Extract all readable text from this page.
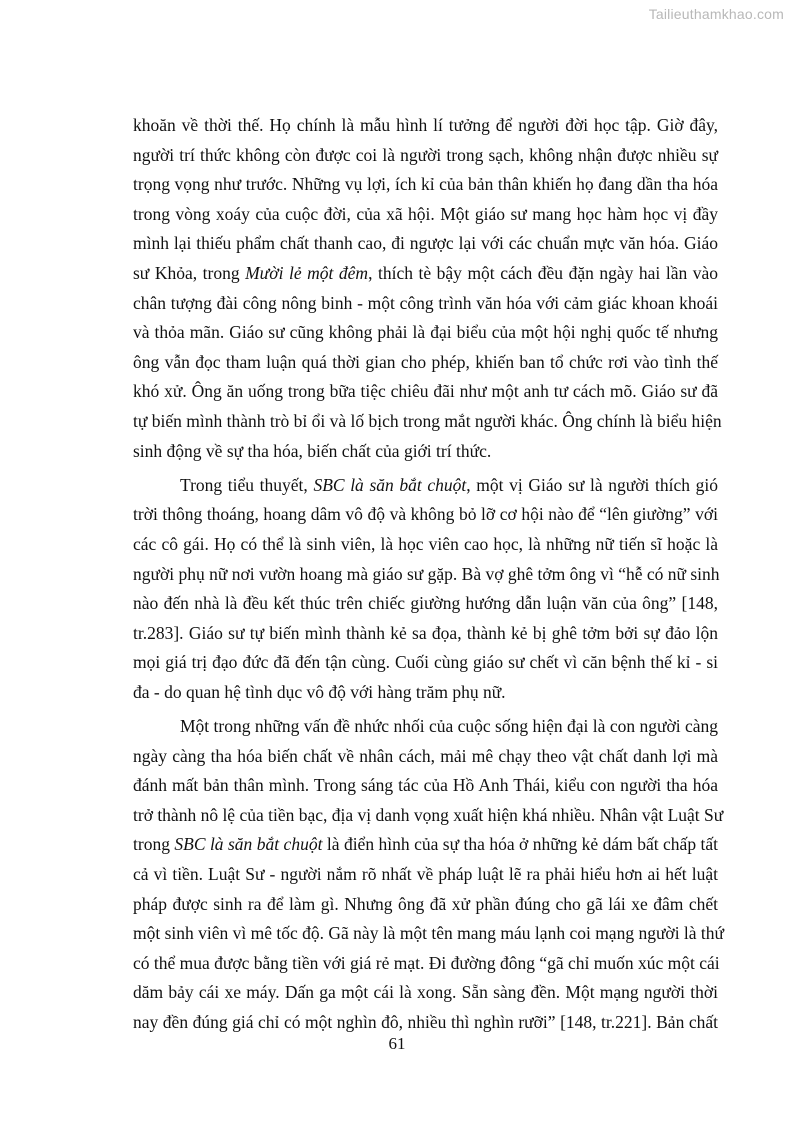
Tailieuthamkhao.com
khoăn về thời thế. Họ chính là mẫu hình lí tưởng để người đời học tập. Giờ đây,
người trí thức không còn được coi là người trong sạch, không nhận được nhiều sự
trọng vọng như trước. Những vụ lợi, ích kỉ của bản thân khiến họ đang dần tha hóa
trong vòng xoáy của cuộc đời, của xã hội. Một giáo sư mang học hàm học vị đầy
mình lại thiếu phẩm chất thanh cao, đi ngược lại với các chuẩn mực văn hóa. Giáo
sư Khỏa, trong Mười lẻ một đêm, thích tè bậy một cách đều đặn ngày hai lần vào
chân tượng đài công nông binh - một công trình văn hóa với cảm giác khoan khoái
và thỏa mãn. Giáo sư cũng không phải là đại biểu của một hội nghị quốc tế nhưng
ông vẫn đọc tham luận quá thời gian cho phép, khiến ban tổ chức rơi vào tình thế
khó xử. Ông ăn uống trong bữa tiệc chiêu đãi như một anh tư cách mõ. Giáo sư đã
tự biến mình thành trò bỉ ổi và lố bịch trong mắt người khác. Ông chính là biểu hiện
sinh động về sự tha hóa, biến chất của giới trí thức.
Trong tiểu thuyết, SBC là săn bắt chuột, một vị Giáo sư là người thích gió
trời thông thoáng, hoang dâm vô độ và không bỏ lỡ cơ hội nào để “lên giường” với
các cô gái. Họ có thể là sinh viên, là học viên cao học, là những nữ tiến sĩ hoặc là
người phụ nữ nơi vườn hoang mà giáo sư gặp. Bà vợ ghê tởm ông vì “hễ có nữ sinh
nào đến nhà là đều kết thúc trên chiếc giường hướng dẫn luận văn của ông” [148,
tr.283]. Giáo sư tự biến mình thành kẻ sa đọa, thành kẻ bị ghê tởm bởi sự đảo lộn
mọi giá trị đạo đức đã đến tận cùng. Cuối cùng giáo sư chết vì căn bệnh thế kỉ - si
đa - do quan hệ tình dục vô độ với hàng trăm phụ nữ.
Một trong những vấn đề nhức nhối của cuộc sống hiện đại là con người càng
ngày càng tha hóa biến chất về nhân cách, mải mê chạy theo vật chất danh lợi mà
đánh mất bản thân mình. Trong sáng tác của Hồ Anh Thái, kiểu con người tha hóa
trở thành nô lệ của tiền bạc, địa vị danh vọng xuất hiện khá nhiều. Nhân vật Luật Sư
trong SBC là săn bắt chuột là điển hình của sự tha hóa ở những kẻ dám bất chấp tất
cả vì tiền. Luật Sư - người nắm rõ nhất về pháp luật lẽ ra phải hiểu hơn ai hết luật
pháp được sinh ra để làm gì. Nhưng ông đã xử phần đúng cho gã lái xe đâm chết
một sinh viên vì mê tốc độ. Gã này là một tên mang máu lạnh coi mạng người là thứ
có thể mua được bằng tiền với giá rẻ mạt. Đi đường đông “gã chỉ muốn xúc một cái
dăm bảy cái xe máy. Dấn ga một cái là xong. Sẵn sàng đền. Một mạng người thời
nay đền đúng giá chỉ có một nghìn đô, nhiều thì nghìn rưỡi” [148, tr.221]. Bản chất
61
